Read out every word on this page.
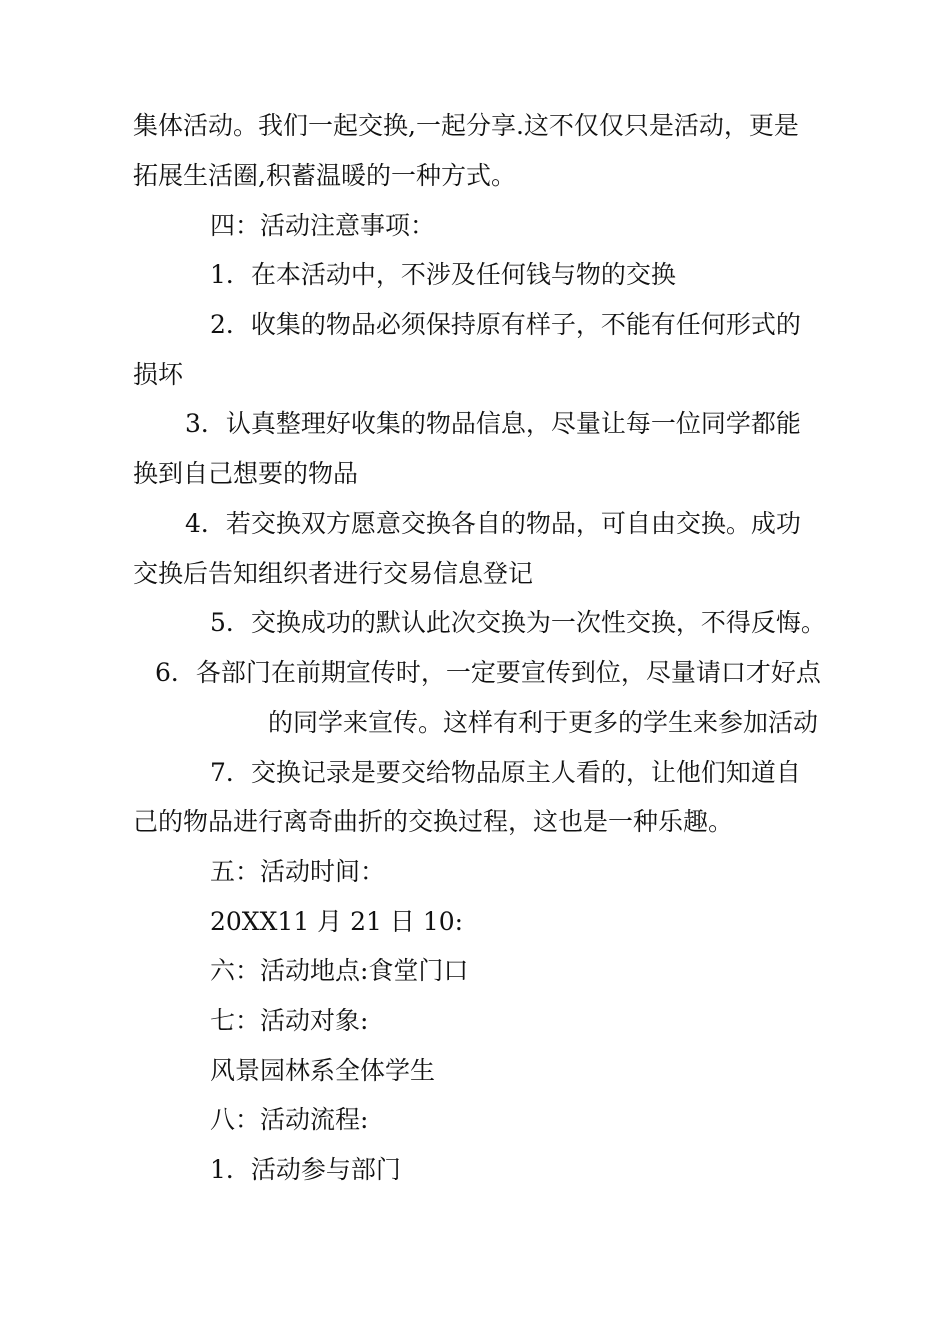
集体活动。我们一起交换,一起分享.这不仅仅只是活动，更是
拓展生活圈,积蓄温暖的一种方式。
四：活动注意事项：
1．在本活动中，不涉及任何钱与物的交换
2．收集的物品必须保持原有样子，不能有任何形式的
损坏
3．认真整理好收集的物品信息，尽量让每一位同学都能
换到自己想要的物品
4．若交换双方愿意交换各自的物品，可自由交换。成功
交换后告知组织者进行交易信息登记
5．交换成功的默认此次交换为一次性交换，不得反悔。
6．各部门在前期宣传时，一定要宣传到位，尽量请口才好点
的同学来宣传。这样有利于更多的学生来参加活动
7．交换记录是要交给物品原主人看的，让他们知道自
己的物品进行离奇曲折的交换过程，这也是一种乐趣。
五：活动时间：
20XX11 月 21 日 10:
六：活动地点:食堂门口
七：活动对象:
风景园林系全体学生
八：活动流程:
1．活动参与部门
